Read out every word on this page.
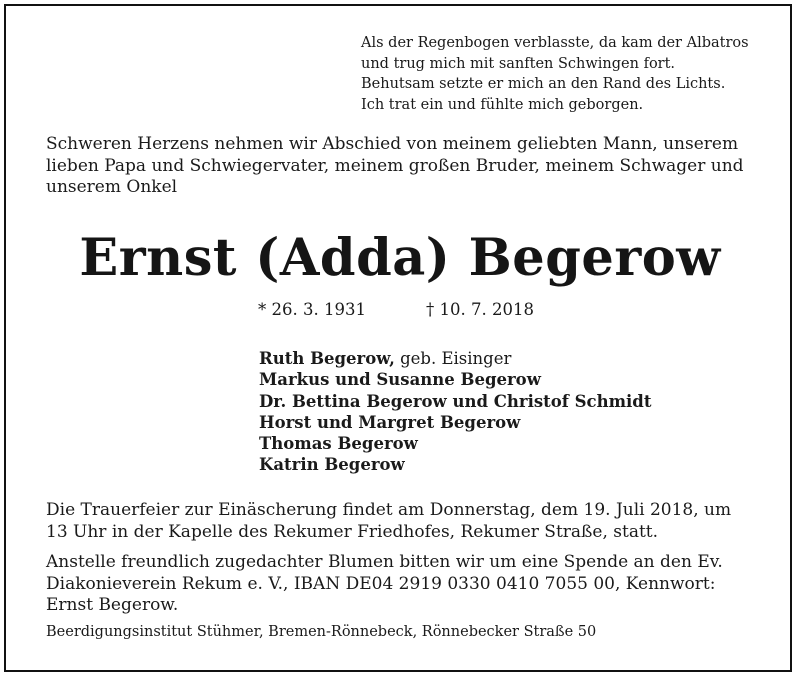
Als der Regenbogen verblasste, da kam der Albatros
und trug mich mit sanften Schwingen fort.
Behutsam setzte er mich an den Rand des Lichts.
Ich trat ein und fühlte mich geborgen.
Schweren Herzens nehmen wir Abschied von meinem geliebten Mann, unserem
lieben Papa und Schwiegervater, meinem großen Bruder, meinem Schwager und
unserem Onkel
Ernst (Adda) Begerow
* 26. 3. 1931	† 10. 7. 2018
Ruth Begerow, geb. Eisinger
Markus und Susanne Begerow
Dr. Bettina Begerow und Christof Schmidt
Horst und Margret Begerow
Thomas Begerow
Katrin Begerow
Die Trauerfeier zur Einäscherung findet am Donnerstag, dem 19. Juli 2018, um
13 Uhr in der Kapelle des Rekumer Friedhofes, Rekumer Straße, statt.
Anstelle freundlich zugedachter Blumen bitten wir um eine Spende an den Ev.
Diakonieverein Rekum e. V., IBAN DE04 2919 0330 0410 7055 00, Kennwort:
Ernst Begerow.
Beerdigungsinstitut Stühmer, Bremen-Rönnebeck, Rönnebecker Straße 50
